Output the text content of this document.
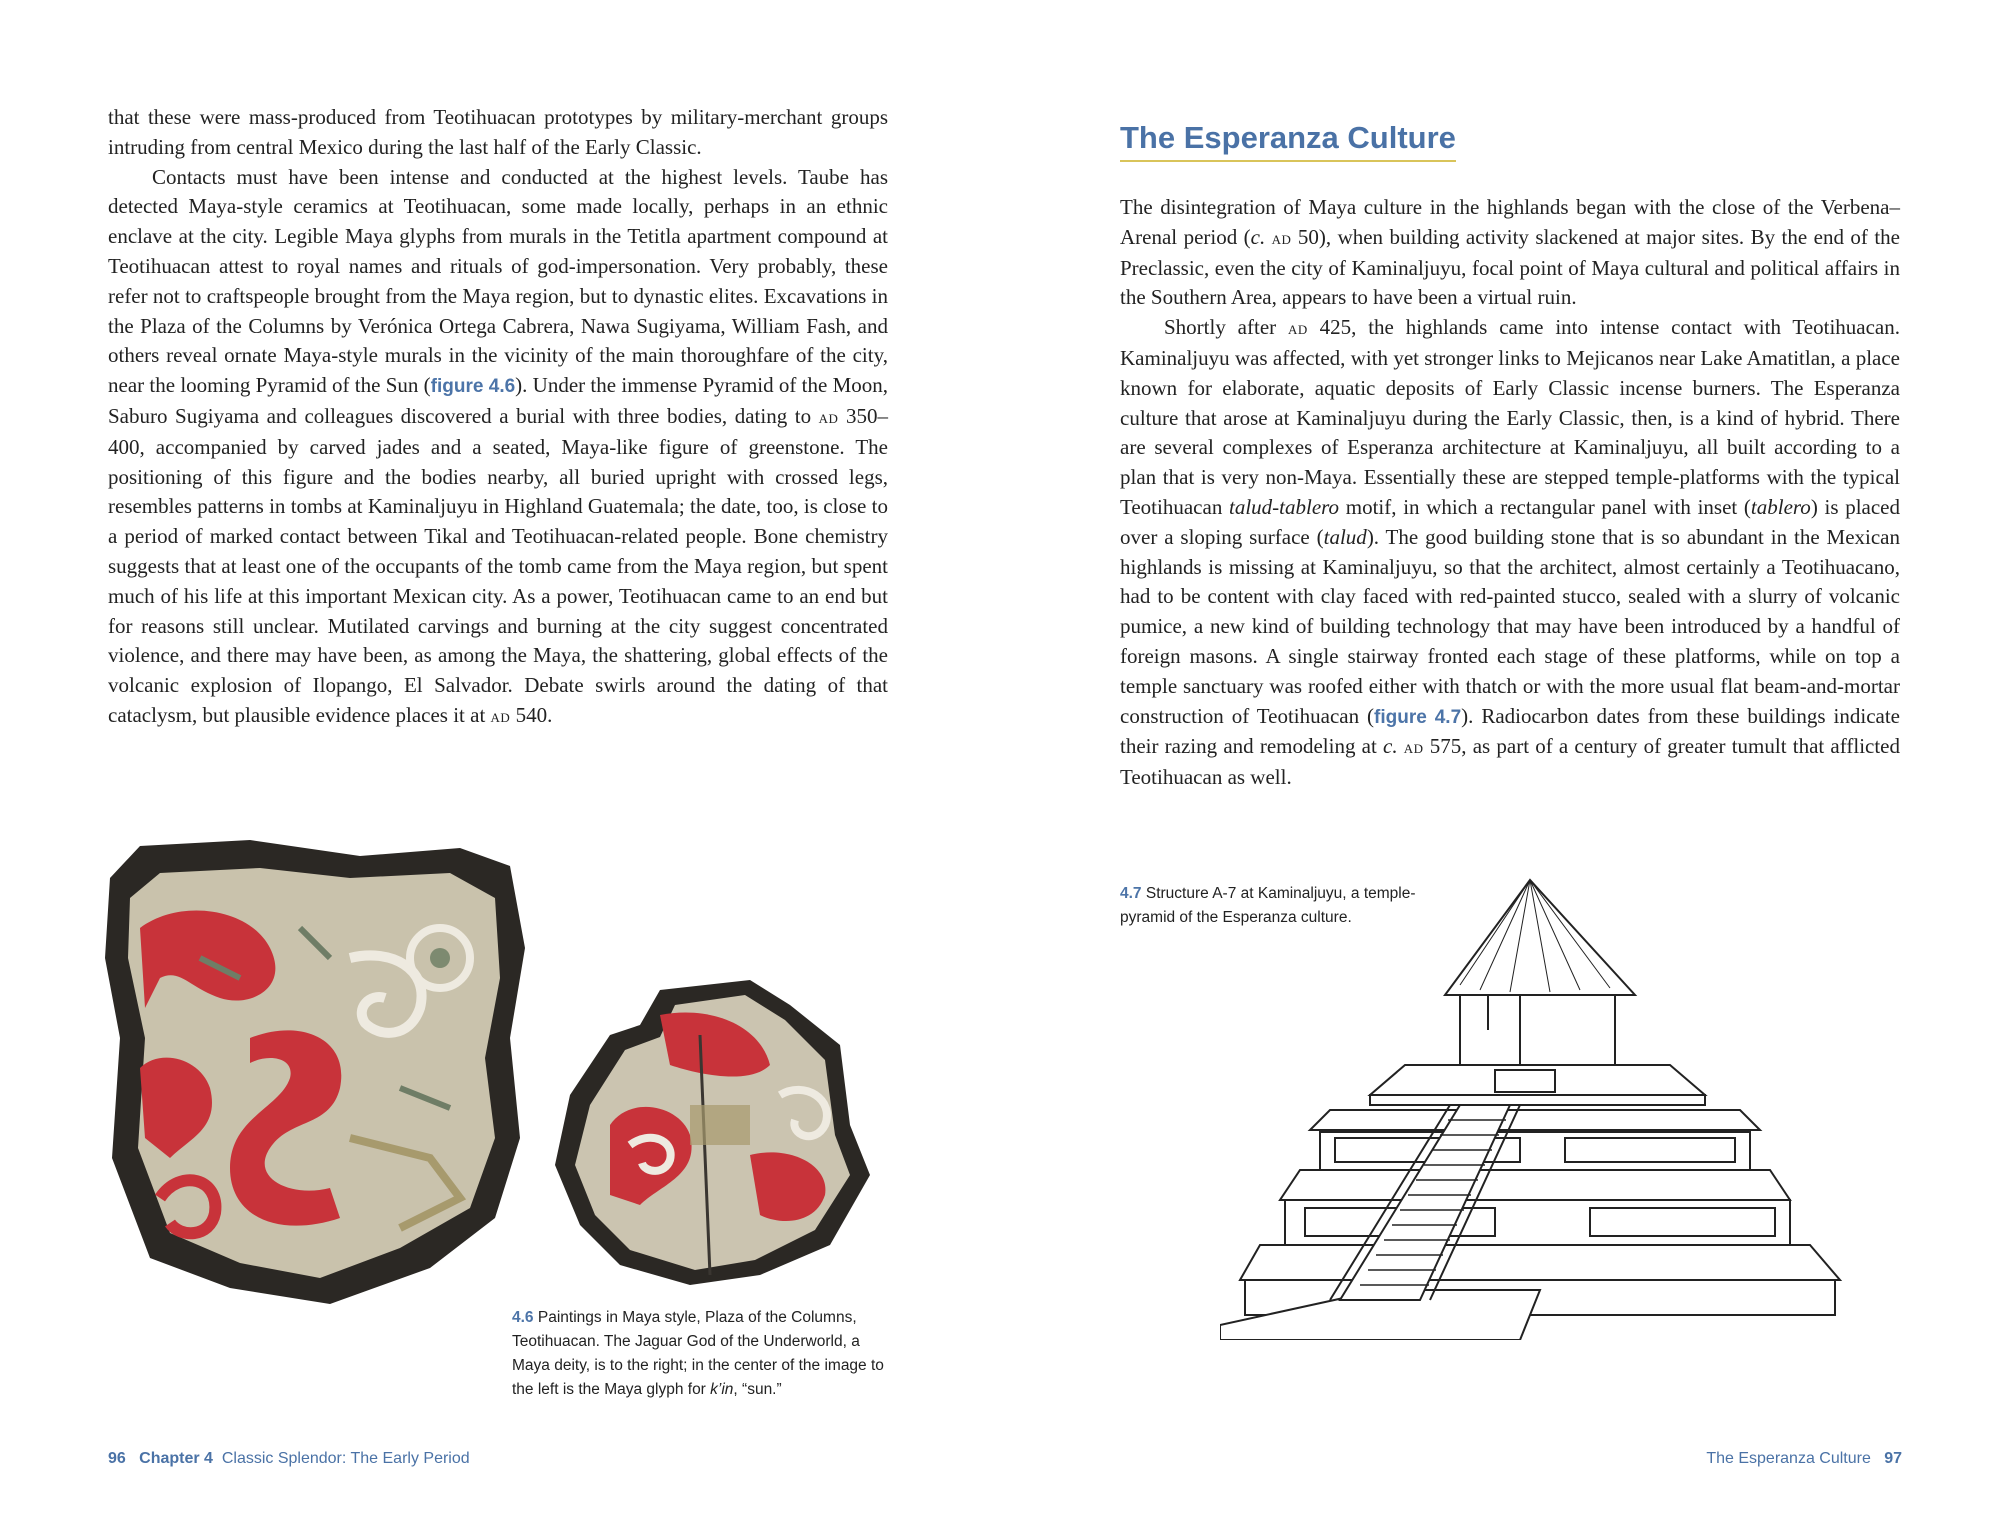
that these were mass-produced from Teotihuacan prototypes by military-merchant groups intruding from central Mexico during the last half of the Early Classic.

Contacts must have been intense and conducted at the highest levels. Taube has detected Maya-style ceramics at Teotihuacan, some made locally, perhaps in an ethnic enclave at the city. Legible Maya glyphs from murals in the Tetitla apartment compound at Teotihuacan attest to royal names and rituals of god-impersonation. Very probably, these refer not to craftspeople brought from the Maya region, but to dynastic elites. Excavations in the Plaza of the Columns by Verónica Ortega Cabrera, Nawa Sugiyama, William Fash, and others reveal ornate Maya-style murals in the vicinity of the main thoroughfare of the city, near the looming Pyramid of the Sun (figure 4.6). Under the immense Pyramid of the Moon, Saburo Sugiyama and colleagues discovered a burial with three bodies, dating to ad 350–400, accompanied by carved jades and a seated, Maya-like figure of greenstone. The positioning of this figure and the bodies nearby, all buried upright with crossed legs, resembles patterns in tombs at Kaminaljuyu in Highland Guatemala; the date, too, is close to a period of marked contact between Tikal and Teotihuacan-related people. Bone chemistry suggests that at least one of the occupants of the tomb came from the Maya region, but spent much of his life at this important Mexican city. As a power, Teotihuacan came to an end but for reasons still unclear. Mutilated carvings and burning at the city suggest concentrated violence, and there may have been, as among the Maya, the shattering, global effects of the volcanic explosion of Ilopango, El Salvador. Debate swirls around the dating of that cataclysm, but plausible evidence places it at ad 540.

4.6 Paintings in Maya style, Plaza of the Columns, Teotihuacan. The Jaguar God of the Underworld, a Maya deity, is to the right; in the center of the image to the left is the Maya glyph for k’in, “sun.”
96 Chapter 4 Classic Splendor: The Early Period
The Esperanza Culture

The disintegration of Maya culture in the highlands began with the close of the Verbena–Arenal period (c. ad 50), when building activity slackened at major sites. By the end of the Preclassic, even the city of Kaminaljuyu, focal point of Maya cultural and political affairs in the Southern Area, appears to have been a virtual ruin.

Shortly after ad 425, the highlands came into intense contact with Teotihuacan. Kaminaljuyu was affected, with yet stronger links to Mejicanos near Lake Amatitlan, a place known for elaborate, aquatic deposits of Early Classic incense burners. The Esperanza culture that arose at Kaminaljuyu during the Early Classic, then, is a kind of hybrid. There are several complexes of Esperanza architecture at Kaminaljuyu, all built according to a plan that is very non-Maya. Essentially these are stepped temple-platforms with the typical Teotihuacan talud-tablero motif, in which a rectangular panel with inset (tablero) is placed over a sloping surface (talud). The good building stone that is so abundant in the Mexican highlands is missing at Kaminaljuyu, so that the architect, almost certainly a Teotihuacano, had to be content with clay faced with red-painted stucco, sealed with a slurry of volcanic pumice, a new kind of building technology that may have been introduced by a handful of foreign masons. A single stairway fronted each stage of these platforms, while on top a temple sanctuary was roofed either with thatch or with the more usual flat beam-and-mortar construction of Teotihuacan (figure 4.7). Radiocarbon dates from these buildings indicate their razing and remodeling at c. ad 575, as part of a century of greater tumult that afflicted Teotihuacan as well.

4.7 Structure A-7 at Kaminaljuyu, a temple-pyramid of the Esperanza culture.
The Esperanza Culture 97
